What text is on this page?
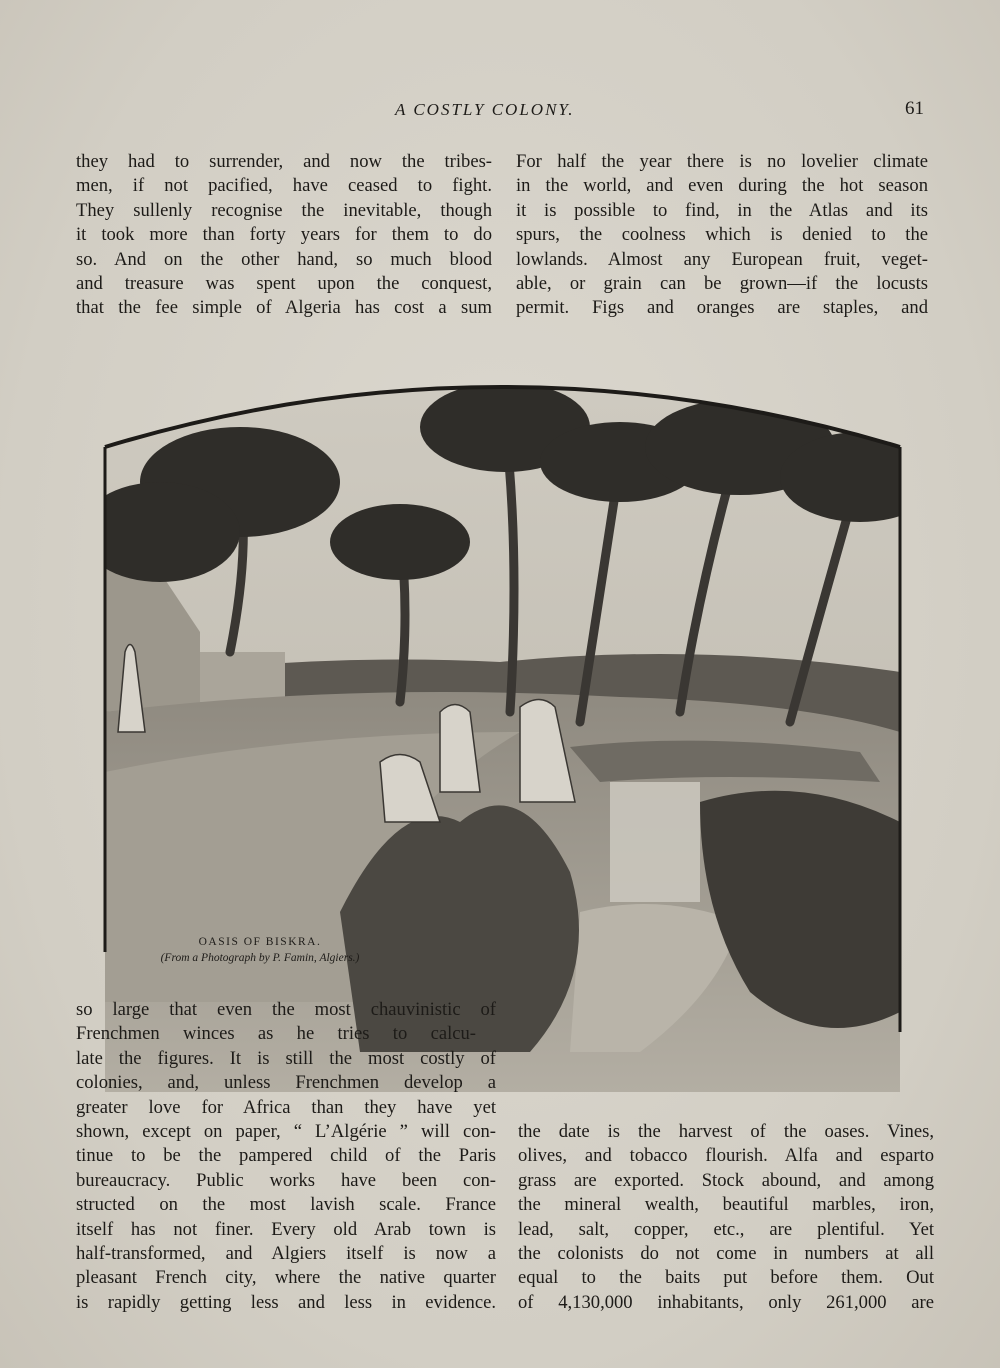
A COSTLY COLONY.	61
they had to surrender, and now the tribes-
men, if not pacified, have ceased to fight.
They sullenly recognise the inevitable, though
it took more than forty years for them to do
so. And on the other hand, so much blood
and treasure was spent upon the conquest,
that the fee simple of Algeria has cost a sum
For half the year there is no lovelier climate
in the world, and even during the hot season
it is possible to find, in the Atlas and its
spurs, the coolness which is denied to the
lowlands. Almost any European fruit, veget-
able, or grain can be grown—if the locusts
permit. Figs and oranges are staples, and
OASIS OF BISKRA.
(From a Photograph by P. Famin, Algiers.)
so large that even the most chauvinistic of
Frenchmen winces as he tries to calcu-
late the figures. It is still the most costly of
colonies, and, unless Frenchmen develop a
greater love for Africa than they have yet
shown, except on paper, “ L’Algérie ” will con-
tinue to be the pampered child of the Paris
bureaucracy. Public works have been con-
structed on the most lavish scale. France
itself has not finer. Every old Arab town is
half-transformed, and Algiers itself is now a
pleasant French city, where the native quarter
is rapidly getting less and less in evidence.
the date is the harvest of the oases. Vines,
olives, and tobacco flourish. Alfa and esparto
grass are exported. Stock abound, and among
the mineral wealth, beautiful marbles, iron,
lead, salt, copper, etc., are plentiful. Yet
the colonists do not come in numbers at all
equal to the baits put before them. Out
of 4,130,000 inhabitants, only 261,000 are
